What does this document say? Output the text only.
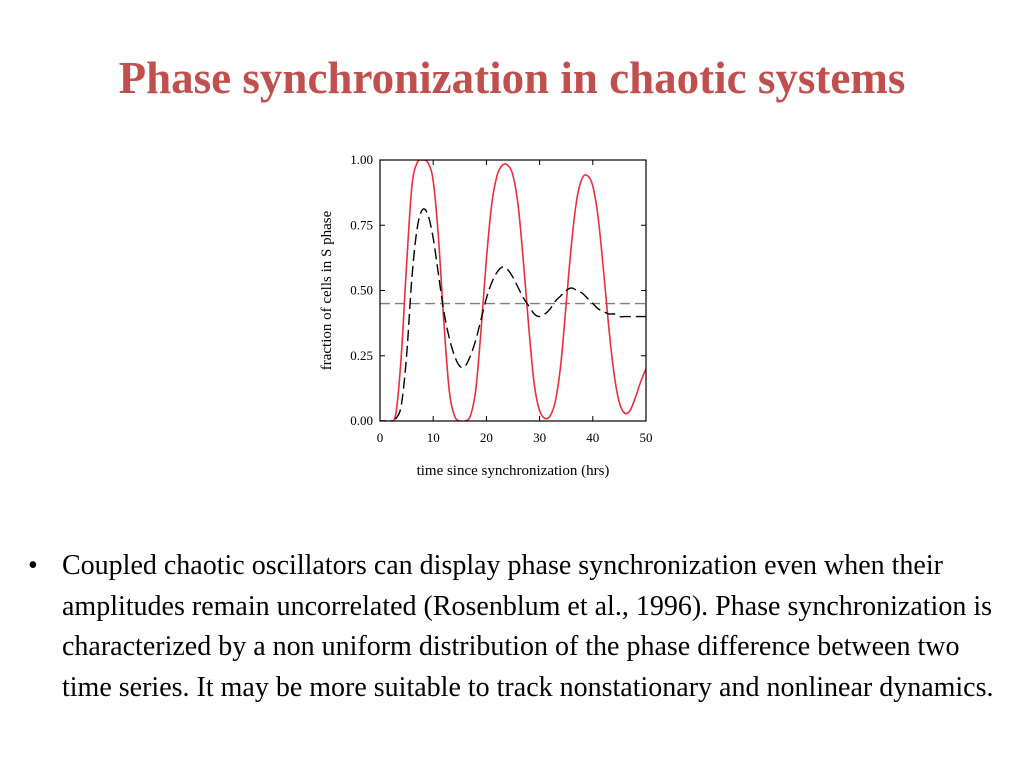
Phase synchronization in chaotic systems
0	10	20	30	40	50
0.00
0.25
0.50
0.75
1.00
time since synchronization (hrs)
fraction of cells in S phase
• Coupled chaotic oscillators can display phase synchronization even when their amplitudes remain uncorrelated (Rosenblum et al., 1996). Phase synchronization is characterized by a non uniform distribution of the phase difference between two time series. It may be more suitable to track nonstationary and nonlinear dynamics.
